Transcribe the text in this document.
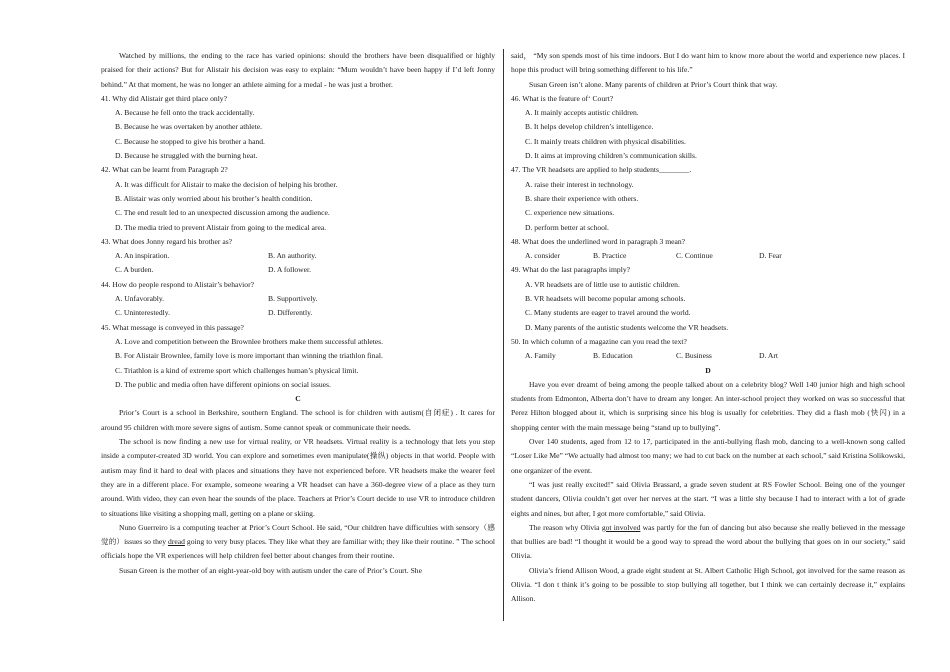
Watched by millions, the ending to the race has varied opinions: should the brothers have been disqualified or highly praised for their actions? But for Alistair his decision was easy to explain: “Mum wouldn’t have been happy if I’d left Jonny behind.” At that moment, he was no longer an athlete aiming for a medal - he was just a brother.

41. Why did Alistair get third place only?

A. Because he fell onto the track accidentally.

B. Because he was overtaken by another athlete.

C. Because he stopped to give his brother a hand.

D. Because he struggled with the burning heat.

42. What can be learnt from Paragraph 2?

A. It was difficult for Alistair to make the decision of helping his brother.

B. Alistair was only worried about his brother’s health condition.

C. The end result led to an unexpected discussion among the audience.

D. The media tried to prevent Alistair from going to the medical area.

43. What does Jonny regard his brother as?

A. An inspiration.	B. An authority.
C. A burden.	D. A follower.

44. How do people respond to Alistair’s behavior?

A. Unfavorably.	B. Supportively.
C. Uninterestedly.	D. Differently.

45. What message is conveyed in this passage?

A. Love and competition between the Brownlee brothers make them successful athletes.

B. For Alistair Brownlee, family love is more important than winning the triathlon final.

C. Triathlon is a kind of extreme sport which challenges human’s physical limit.

D. The public and media often have different opinions on social issues.

C

Prior’s Court is a school in Berkshire, southern England. The school is for children with autism(自闭症) . It cares for around 95 children with more severe signs of autism. Some cannot speak or communicate their needs.

The school is now finding a new use for virtual reality, or VR headsets. Virtual reality is a technology that lets you step inside a computer-created 3D world. You can explore and sometimes even manipulate(操纵) objects in that world. People with autism may find it hard to deal with places and situations they have not experienced before. VR headsets make the wearer feel they are in a different place. For example, someone wearing a VR headset can have a 360-degree view of a place as they turn around. With video, they can even hear the sounds of the place. Teachers at Prior’s Court decide to use VR to introduce children to situations like visiting a shopping mall, getting on a plane or skiing.

Nuno Guerreiro is a computing teacher at Prior’s Court School. He said, “Our children have difficulties with sensory（感觉的）issues so they dread going to very busy places. They like what they are familiar with; they like their routine. ” The school officials hope the VR experiences will help children feel better about changes from their routine.

Susan Green is the mother of an eight-year-old boy with autism under the care of Prior’s Court. She

said， “My son spends most of his time indoors. But I do want him to know more about the world and experience new places. I hope this product will bring something different to his life.”

Susan Green isn’t alone. Many parents of children at Prior’s Court think that way.

46. What is the feature of‘ Court?

A. It mainly accepts autistic children.

B. It helps develop children’s intelligence.

C. It mainly treats children with physical disabilities.

D. It aims at improving children’s communication skills.

47. The VR headsets are applied to help students________.

A. raise their interest in technology.

B. share their experience with others.

C. experience new situations.

D. perform better at school.

48. What does the underlined word in paragraph 3 mean?

A. consider	B. Practice	C. Continue	D. Fear

49. What do the last paragraphs imply?

A. VR headsets are of little use to autistic children.

B. VR headsets will become popular among schools.

C. Many students are eager to travel around the world.

D. Many parents of the autistic students welcome the VR headsets.

50. In which column of a magazine can you read the text?

A. Family	B. Education	C. Business	D. Art

D

Have you ever dreamt of being among the people talked about on a celebrity blog? Well 140 junior high and high school students from Edmonton, Alberta don’t have to dream any longer. An inter-school project they worked on was so successful that Perez Hilton blogged about it, which is surprising since his blog is usually for celebrities. They did a flash mob (快闪) in a shopping center with the main message being “stand up to bullying”.

Over 140 students, aged from 12 to 17, participated in the anti-bullying flash mob, dancing to a well-known song called “Loser Like Me” “We actually had almost too many; we had to cut back on the number at each school,” said Kristina Solikowski, one organizer of the event.

“I was just really excited!” said Olivia Brassard, a grade seven student at RS Fowler School. Being one of the younger student dancers, Olivia couldn’t get over her nerves at the start. “I was a little shy because I had to interact with a lot of grade eights and nines, but after, I got more comfortable,” said Olivia.

The reason why Olivia got involved was partly for the fun of dancing but also because she really believed in the message that bullies are bad! “I thought it would be a good way to spread the word about the bullying that goes on in our society,” said Olivia.

Olivia’s friend Allison Wood, a grade eight student at St. Albert Catholic High School, got involved for the same reason as Olivia. “I don t think it’s going to be possible to stop bullying all together, but I think we can certainly decrease it,” explains Allison.
